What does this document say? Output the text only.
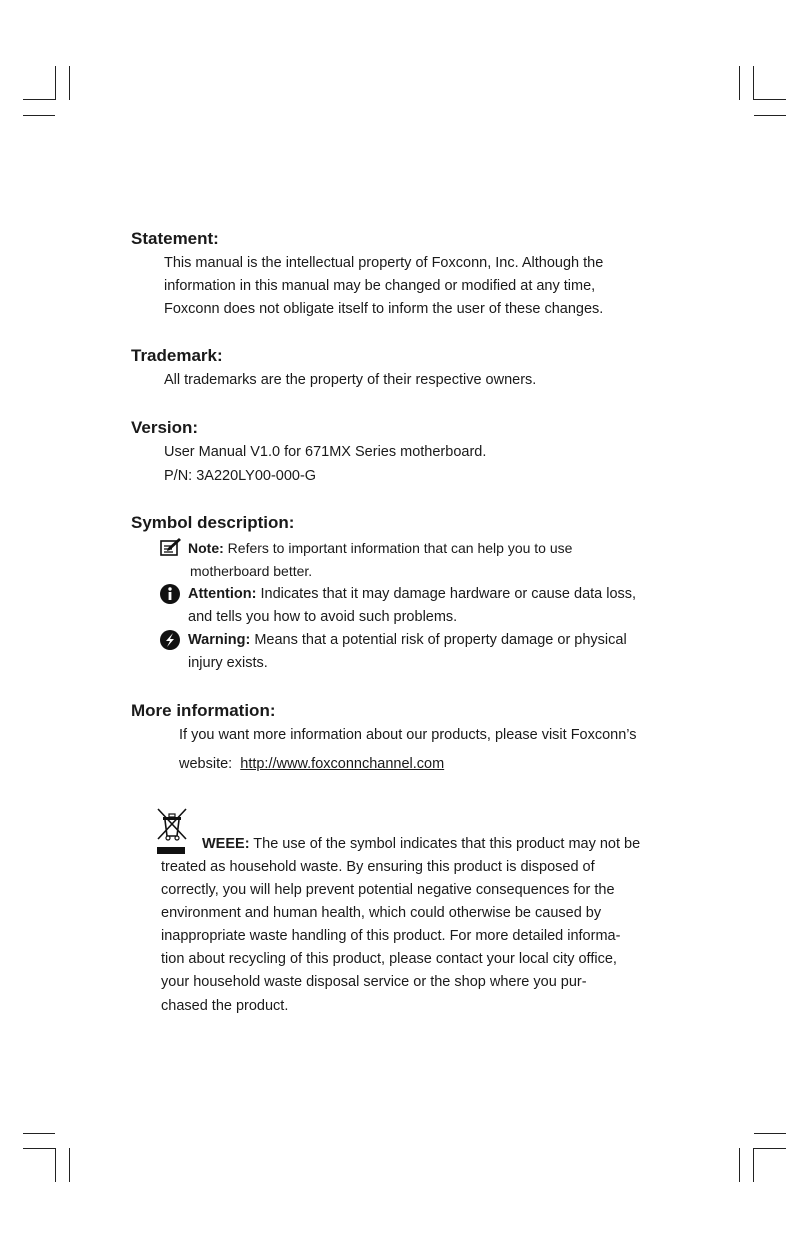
Statement:

This manual is the intellectual property of Foxconn, Inc. Although the

information in this manual may be changed or modified at any time,

Foxconn does not obligate itself to inform the user of these changes.

Trademark:

All trademarks are the property of their respective owners.

Version:

User Manual V1.0 for 671MX Series motherboard.

P/N: 3A220LY00-000-G

Symbol description:

Note: Refers to important information that can help you to use

motherboard better.

Attention: Indicates that it may damage hardware or cause data loss,

and tells you how to avoid such problems.

Warning: Means that a potential risk of property damage or physical

injury exists.

More information:

If you want more information about our products, please visit Foxconn’s

website:  http://www.foxconnchannel.com

WEEE: The use of the symbol indicates that this product may not be

treated as household waste. By ensuring this product is disposed of

correctly, you will help prevent potential negative consequences for the

environment and human health, which could otherwise be caused by

inappropriate waste handling of this product. For more detailed informa-

tion about recycling of this product, please contact your local city office,

your household waste disposal service or the shop where you pur-

chased the product.
